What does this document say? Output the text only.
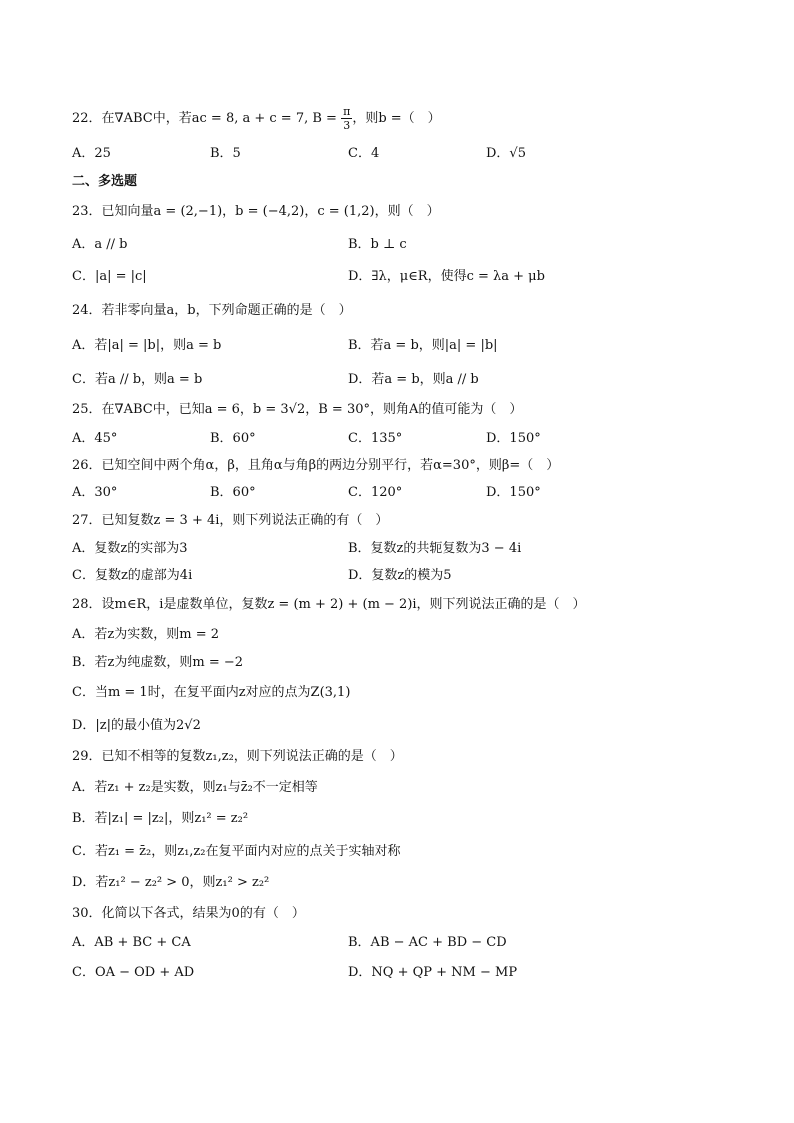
22．在∇ABC中，若ac = 8, a + c = 7, $B = \frac{\pi}{3}$ ，则b =（　）
A．25	B．5	C．4	D．√5
二、多选题
23．已知向量a = (2,−1)，b = (−4,2)，c = (1,2)，则（　）
A．a // b	B．b ⊥ c
C．|a| = |c|	D．∃λ，μ∈R，使得c = λa + μb
24．若非零向量a，b，下列命题正确的是（　）
A．若|a| = |b|，则a = b	B．若a = b，则|a| = |b|
C．若a // b，则a = b	D．若a = b，则a // b
25．在∇ABC中，已知a = 6，b = 3√2，B = 30°，则角A的值可能为（　）
A．45°	B．60°	C．135°	D．150°
26．已知空间中两个角α，β，且角α与角β的两边分别平行，若α=30°，则β=（　）
A．30°	B．60°	C．120°	D．150°
27．已知复数z = 3 + 4i，则下列说法正确的有（　）
A．复数z的实部为3	B．复数z的共轭复数为3 − 4i
C．复数z的虚部为4i	D．复数z的模为5
28．设m∈R，i是虚数单位，复数z = (m + 2) + (m − 2)i，则下列说法正确的是（　）
A．若z为实数，则m = 2
B．若z为纯虚数，则m = −2
C．当m = 1时，在复平面内z对应的点为Z(3,1)
D．|z|的最小值为2√2
29．已知不相等的复数z₁,z₂，则下列说法正确的是（　）
A．若z₁ + z₂是实数，则z₁与z̄₂不一定相等
B．若|z₁| = |z₂|，则z₁² = z₂²
C．若z₁ = z̄₂，则z₁,z₂在复平面内对应的点关于实轴对称
D．若z₁² − z₂² > 0，则z₁² > z₂²
30．化简以下各式，结果为0的有（　）
A．AB + BC + CA	B．AB − AC + BD − CD
C．OA − OD + AD	D．NQ + QP + NM − MP
